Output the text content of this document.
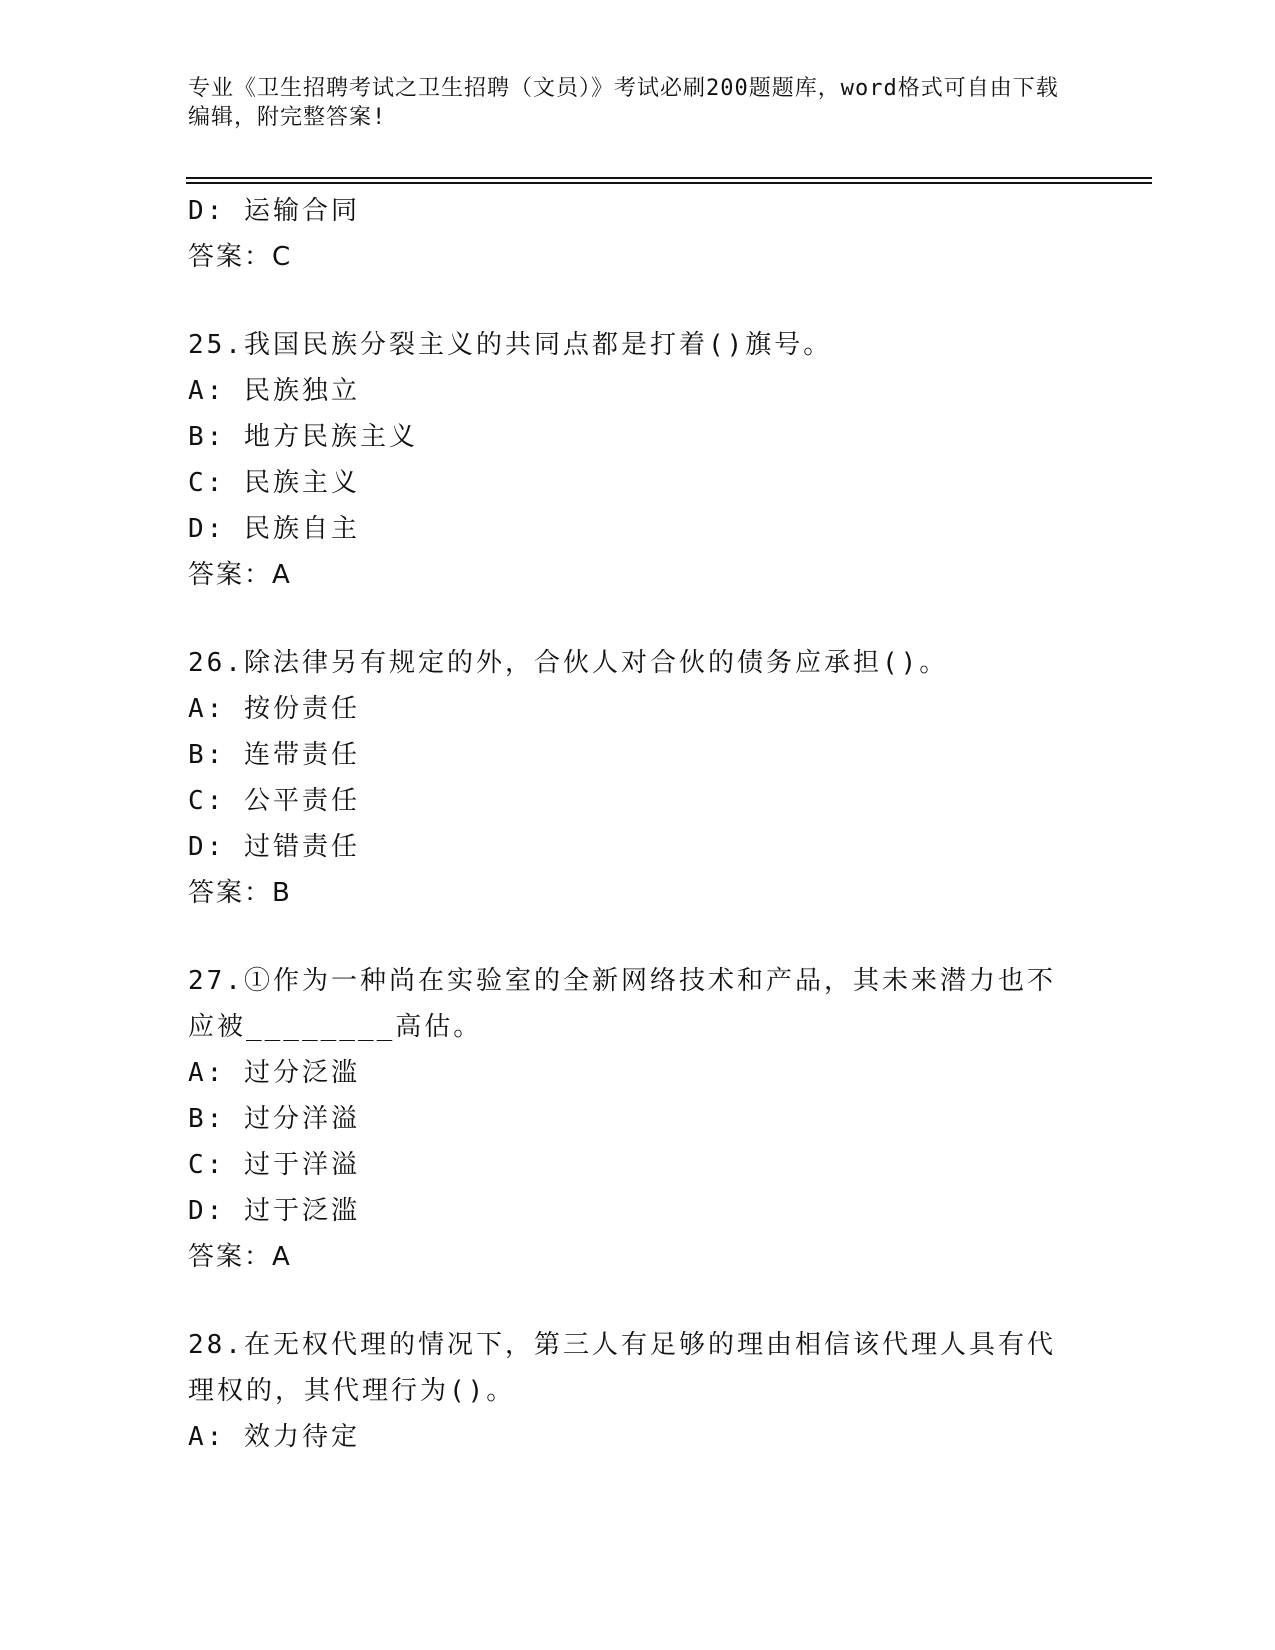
专业《卫生招聘考试之卫生招聘（文员）》考试必刷200题题库，word格式可自由下载编辑，附完整答案!
D: 运输合同
答案：C
25.我国民族分裂主义的共同点都是打着()旗号。
A: 民族独立
B: 地方民族主义
C: 民族主义
D: 民族自主
答案：A
26.除法律另有规定的外，合伙人对合伙的债务应承担()。
A: 按份责任
B: 连带责任
C: 公平责任
D: 过错责任
答案：B
27.①作为一种尚在实验室的全新网络技术和产品，其未来潜力也不应被________高估。
A: 过分泛滥
B: 过分洋溢
C: 过于洋溢
D: 过于泛滥
答案：A
28.在无权代理的情况下，第三人有足够的理由相信该代理人具有代理权的，其代理行为()。
A: 效力待定
